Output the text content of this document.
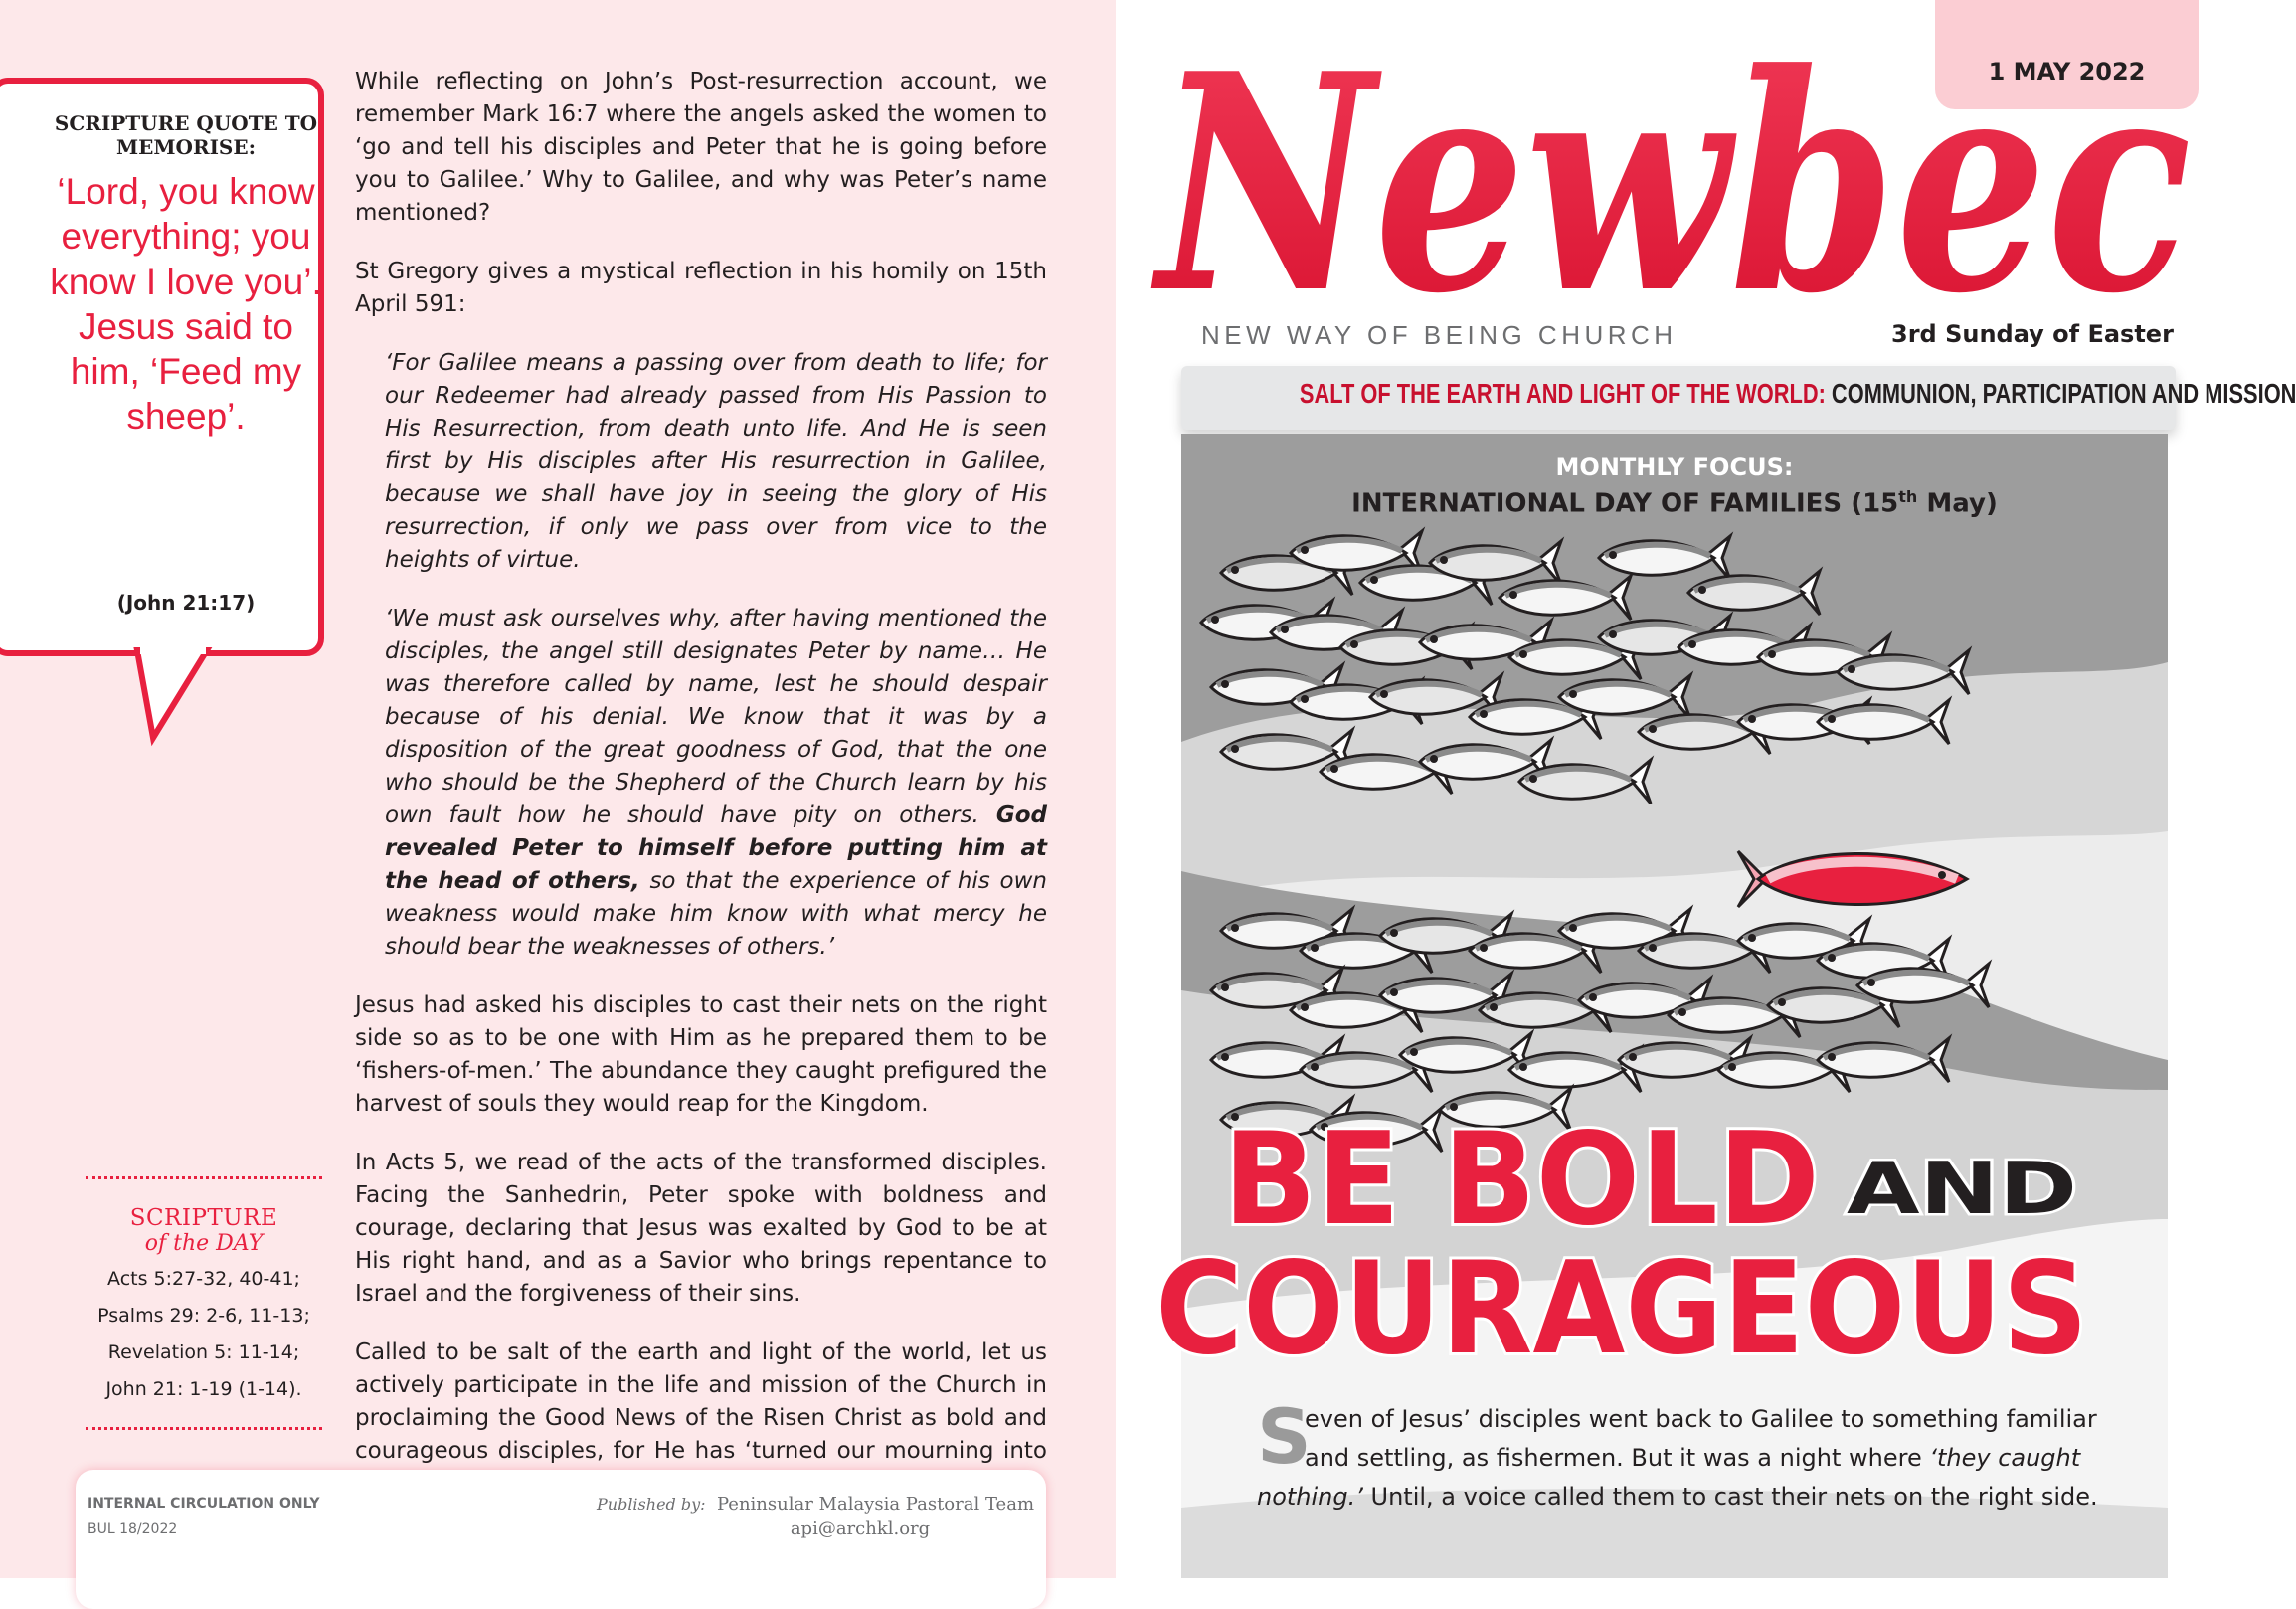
SCRIPTURE QUOTE TO MEMORISE:
‘Lord, you know everything; you know I love you’. Jesus said to him, ‘Feed my sheep’.
(John 21:17)
SCRIPTURE
of the DAY
Acts 5:27-32, 40-41;
Psalms 29: 2-6, 11-13;
Revelation 5: 11-14;
John 21: 1-19 (1-14).

While reflecting on John’s Post-resurrection account, we remember Mark 16:7 where the angels asked the women to ‘go and tell his disciples and Peter that he is going before you to Galilee.’ Why to Galilee, and why was Peter’s name mentioned?

St Gregory gives a mystical reflection in his homily on 15th April 591:

‘For Galilee means a passing over from death to life; for our Redeemer had already passed from His Passion to His Resurrection, from death unto life. And He is seen first by His disciples after His resurrection in Galilee, because we shall have joy in seeing the glory of His resurrection, if only we pass over from vice to the heights of virtue.

‘We must ask ourselves why, after having mentioned the disciples, the angel still designates Peter by name… He was therefore called by name, lest he should despair because of his denial. We know that it was by a disposition of the great goodness of God, that the one who should be the Shepherd of the Church learn by his own fault how he should have pity on others. God revealed Peter to himself before putting him at the head of others, so that the experience of his own weakness would make him know with what mercy he should bear the weaknesses of others.’

Jesus had asked his disciples to cast their nets on the right side so as to be one with Him as he prepared them to be ‘fishers-of-men.’ The abundance they caught prefigured the harvest of souls they would reap for the Kingdom.

In Acts 5, we read of the acts of the transformed disciples. Facing the Sanhedrin, Peter spoke with boldness and courage, declaring that Jesus was exalted by God to be at His right hand, and as a Savior who brings repentance to Israel and the forgiveness of their sins.

Called to be salt of the earth and light of the world, let us actively participate in the life and mission of the Church in proclaiming the Good News of the Risen Christ as bold and courageous disciples, for He has ‘turned our mourning into

INTERNAL CIRCULATION ONLY
BUL 18/2022
Published by: Peninsular Malaysia Pastoral Team
api@archkl.org
1 MAY 2022
Newbec
NEW WAY OF BEING CHURCH	3rd Sunday of Easter
SALT OF THE EARTH AND LIGHT OF THE WORLD: COMMUNION, PARTICIPATION AND MISSION
MONTHLY FOCUS:
INTERNATIONAL DAY OF FAMILIES (15th May)
BE BOLD AND
COURAGEOUS
S
even of Jesus’ disciples went back to Galilee to something familiar
and settling, as fishermen. But it was a night where ‘they caught
nothing.’ Until, a voice called them to cast their nets on the right side.
